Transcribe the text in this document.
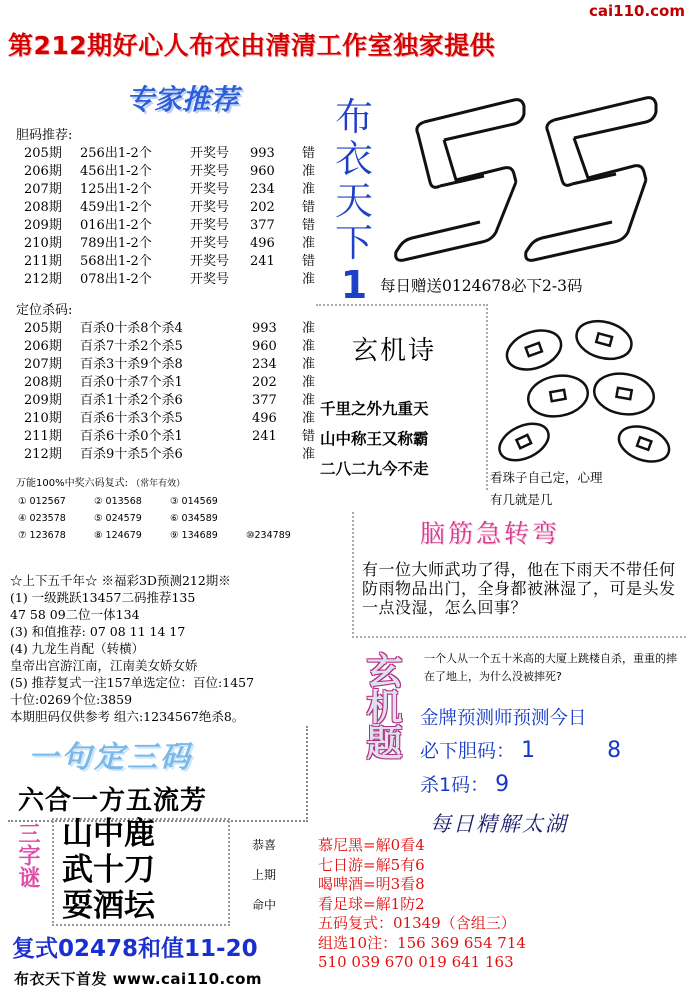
cai110.com
第212期好心人布衣由清清工作室独家提供
专家推荐
胆码推荐:
205期 256出1-2个	开奖号 993 错
206期 456出1-2个	开奖号 960 准
207期 125出1-2个	开奖号 234 准
208期 459出1-2个	开奖号 202 错
209期 016出1-2个	开奖号 377 错
210期 789出1-2个	开奖号 496 准
211期 568出1-2个	开奖号 241 错
212期 078出1-2个	开奖号	准
定位杀码:
205期 百杀0十杀8个杀4	993 准
206期 百杀7十杀2个杀5	960 准
207期 百杀3十杀9个杀8	234 准
208期 百杀0十杀7个杀1	202 准
209期 百杀1十杀2个杀6	377 准
210期 百杀6十杀3个杀5	496 准
211期 百杀6十杀0个杀1	241 错
212期 百杀9十杀5个杀6	准
万能100%中奖六码复式: （常年有效）
① 012567	② 013568	③ 014569
④ 023578	⑤ 024579	⑥ 034589
⑦ 123678	⑧ 124679	⑨ 134689	⑩234789
☆上下五千年☆ ※福彩3D预测212期※
(1) 一级跳跃13457二码推荐135
47 58 09二位一体134
(3) 和值推荐: 07 08 11 14 17
(4) 九龙生肖配（转横）
皇帝出宫游江南，江南美女娇女娇
(5) 推荐复式一注157单选定位：百位:1457
十位:0269个位:3859
本期胆码仅供参考 组六:1234567绝杀8。
一句定三码
六合一方五流芳
三字谜 山中鹿
武十刀
耍酒坛
恭喜
上期
命中
复式02478和值11-20
布衣天下首发 www.cai110.com
布
衣
天
下
1 每日赠送0124678必下2-3码
玄机诗
千里之外九重天
山中称王又称霸
二八二九今不走	看珠子自己定，心理
有几就是几
脑筋急转弯
有一位大师武功了得，他在下雨天不带任何防雨物品出门，全身都被淋湿了，可是头发一点没湿，怎么回事？
玄机题 一个人从一个五十米高的大厦上跳楼自杀，重重的摔在了地上，为什么没被摔死?
金牌预测师预测今日
必下胆码： 1	8
杀1码： 9
每日精解太湖
慕尼黑=解0看4
七日游=解5有6
喝啤酒=明3看8
看足球=解1防2
五码复式：01349（含组三）
组选10注：156 369 654 714
510 039 670 019 641 163
